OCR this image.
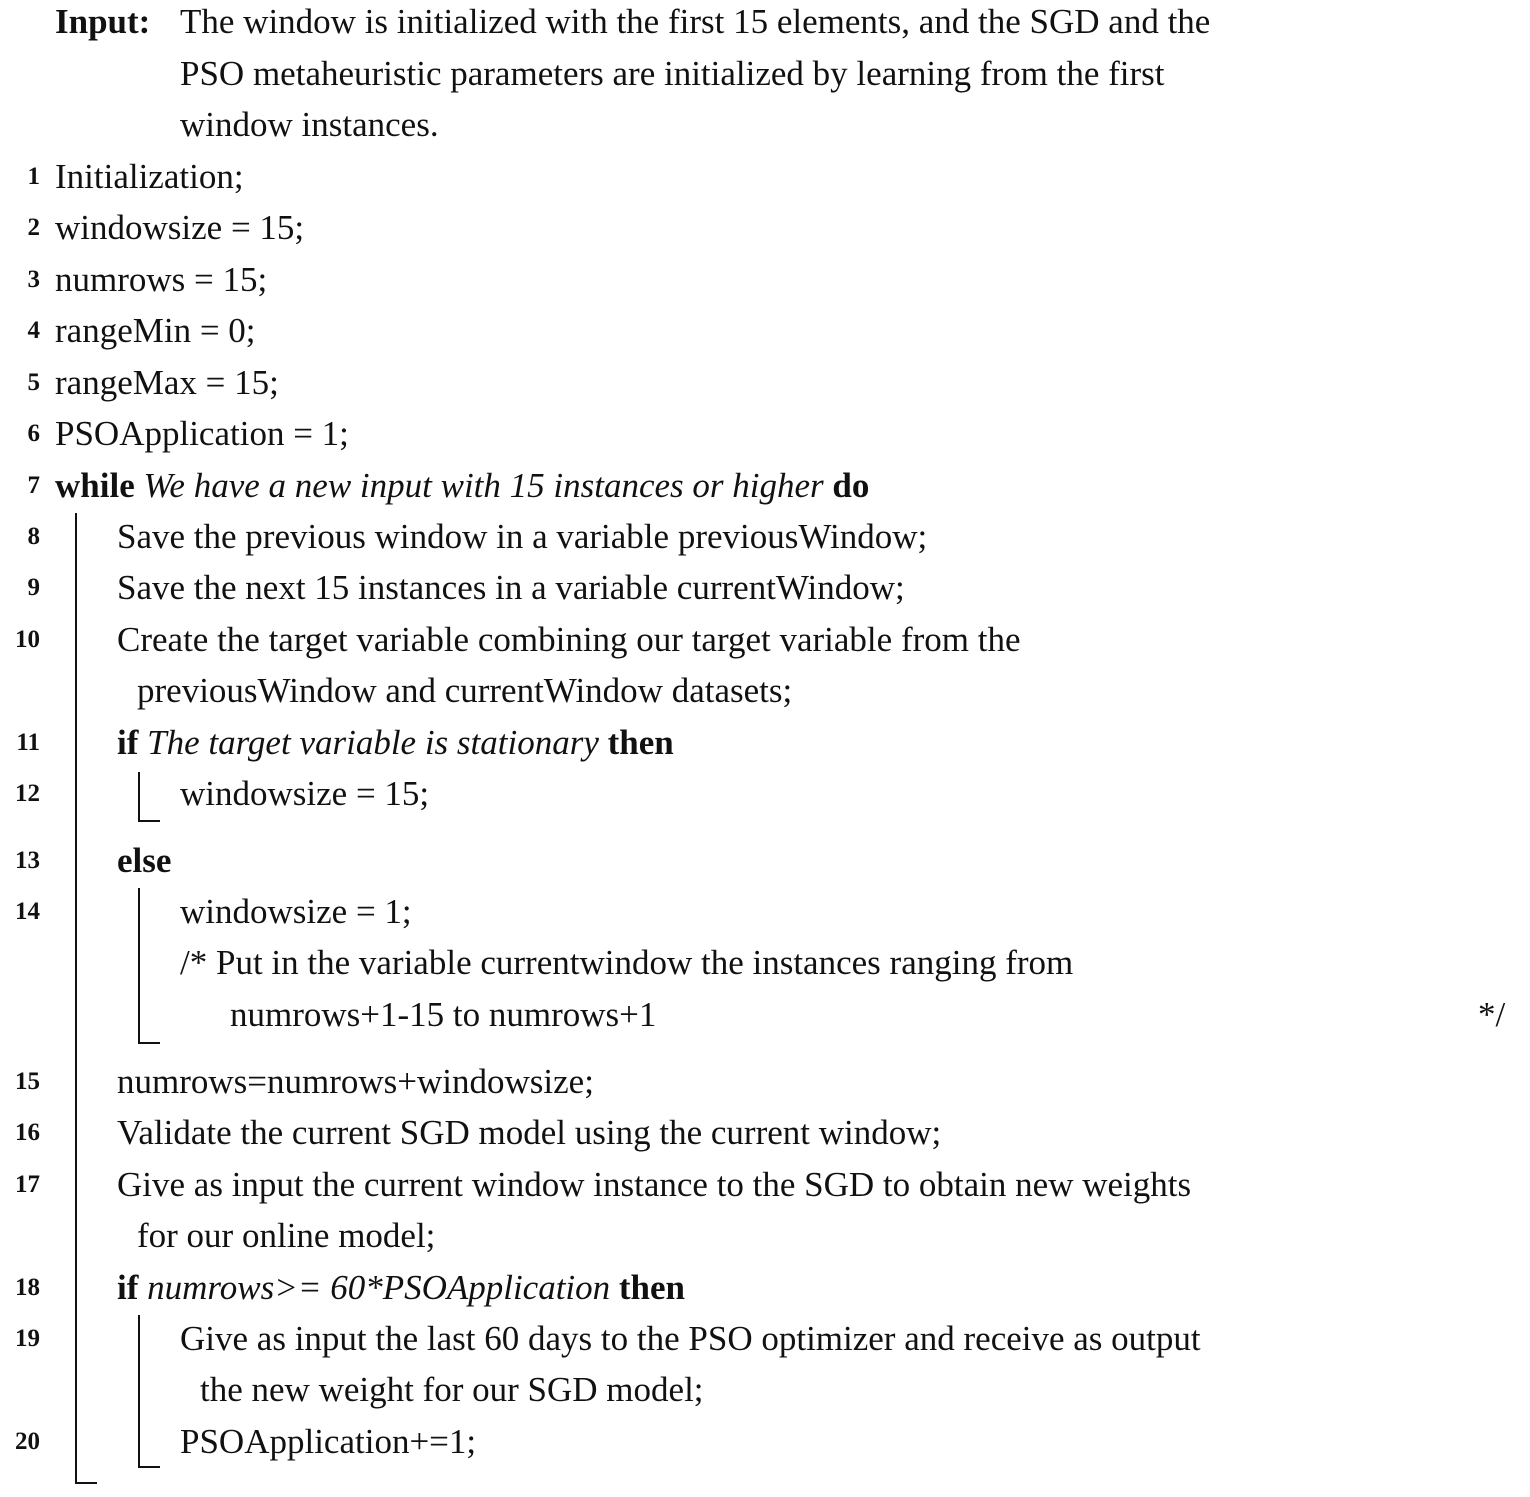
Input: The window is initialized with the first 15 elements, and the SGD and the
PSO metaheuristic parameters are initialized by learning from the first
window instances.
1 Initialization;
2 windowsize = 15;
3 numrows = 15;
4 rangeMin = 0;
5 rangeMax = 15;
6 PSOApplication = 1;
7 while We have a new input with 15 instances or higher do
8 Save the previous window in a variable previousWindow;
9 Save the next 15 instances in a variable currentWindow;
10 Create the target variable combining our target variable from the
previousWindow and currentWindow datasets;
11 if The target variable is stationary then
12	windowsize = 15;
13 else
14	windowsize = 1;
/* Put in the variable currentwindow the instances ranging from
numrows+1-15 to numrows+1	*/
15 numrows=numrows+windowsize;
16 Validate the current SGD model using the current window;
17 Give as input the current window instance to the SGD to obtain new weights
for our online model;
18 if numrows>= 60*PSOApplication then
19	Give as input the last 60 days to the PSO optimizer and receive as output
the new weight for our SGD model;
20	PSOApplication+=1;
